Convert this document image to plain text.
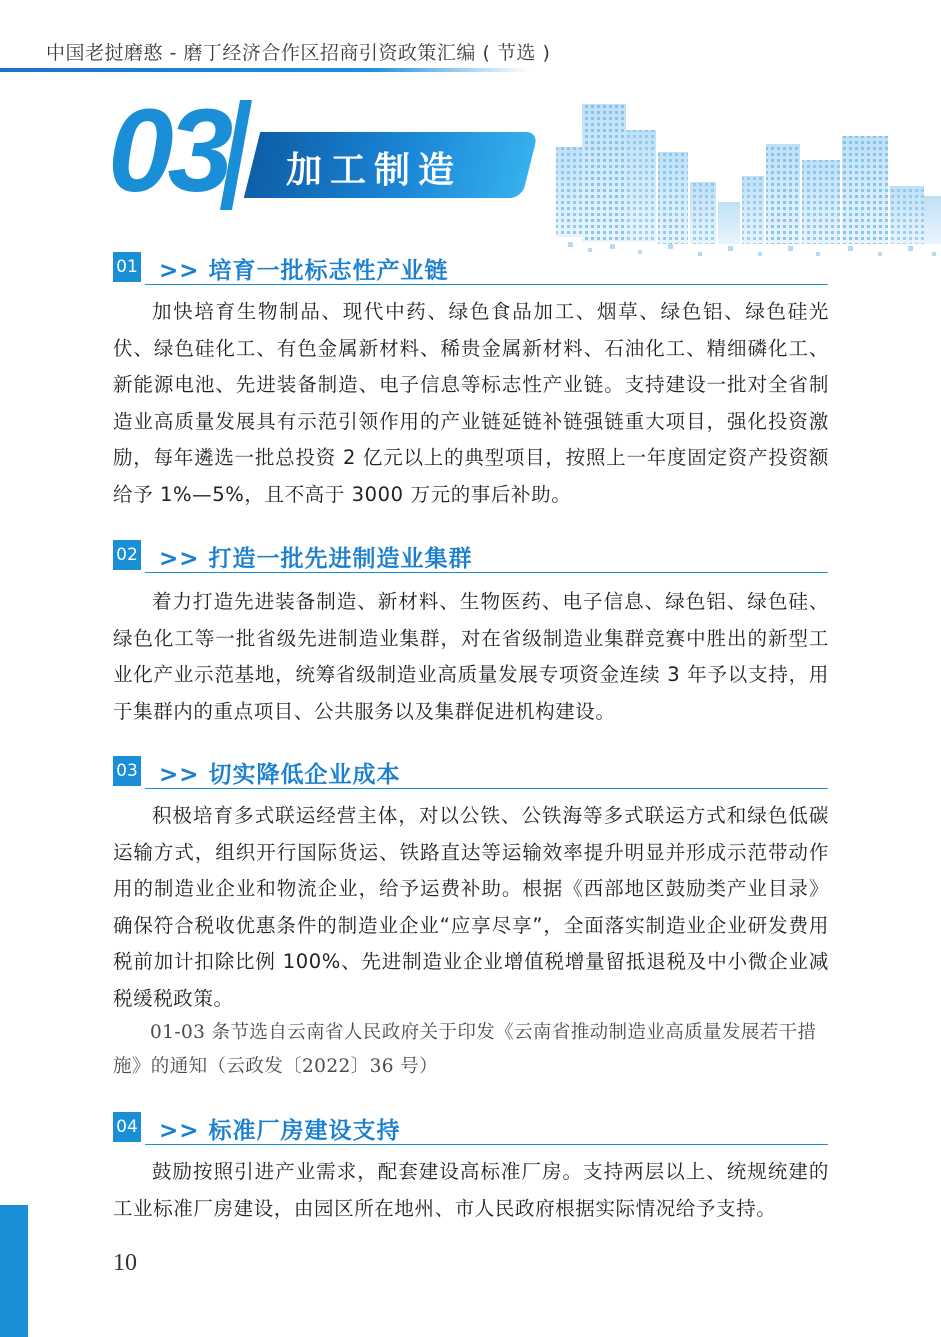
中国老挝磨憨 - 磨丁经济合作区招商引资政策汇编 ( 节选 )
03 加工制造
01 >> 培育一批标志性产业链

加快培育生物制品、现代中药、绿色食品加工、烟草、绿色铝、绿色硅光伏、绿色硅化工、有色金属新材料、稀贵金属新材料、石油化工、精细磷化工、新能源电池、先进装备制造、电子信息等标志性产业链。支持建设一批对全省制造业高质量发展具有示范引领作用的产业链延链补链强链重大项目，强化投资激励，每年遴选一批总投资 2 亿元以上的典型项目，按照上一年度固定资产投资额给予 1%—5%，且不高于 3000 万元的事后补助。

02 >> 打造一批先进制造业集群

着力打造先进装备制造、新材料、生物医药、电子信息、绿色铝、绿色硅、绿色化工等一批省级先进制造业集群，对在省级制造业集群竞赛中胜出的新型工业化产业示范基地，统筹省级制造业高质量发展专项资金连续 3 年予以支持，用于集群内的重点项目、公共服务以及集群促进机构建设。

03 >> 切实降低企业成本

积极培育多式联运经营主体，对以公铁、公铁海等多式联运方式和绿色低碳运输方式，组织开行国际货运、铁路直达等运输效率提升明显并形成示范带动作用的制造业企业和物流企业，给予运费补助。根据《西部地区鼓励类产业目录》确保符合税收优惠条件的制造业企业“应享尽享”，全面落实制造业企业研发费用税前加计扣除比例 100%、先进制造业企业增值税增量留抵退税及中小微企业减税缓税政策。

01-03 条节选自云南省人民政府关于印发《云南省推动制造业高质量发展若干措施》的通知（云政发〔2022〕36 号）

04 >> 标准厂房建设支持

鼓励按照引进产业需求，配套建设高标准厂房。支持两层以上、统规统建的工业标准厂房建设，由园区所在地州、市人民政府根据实际情况给予支持。

10
